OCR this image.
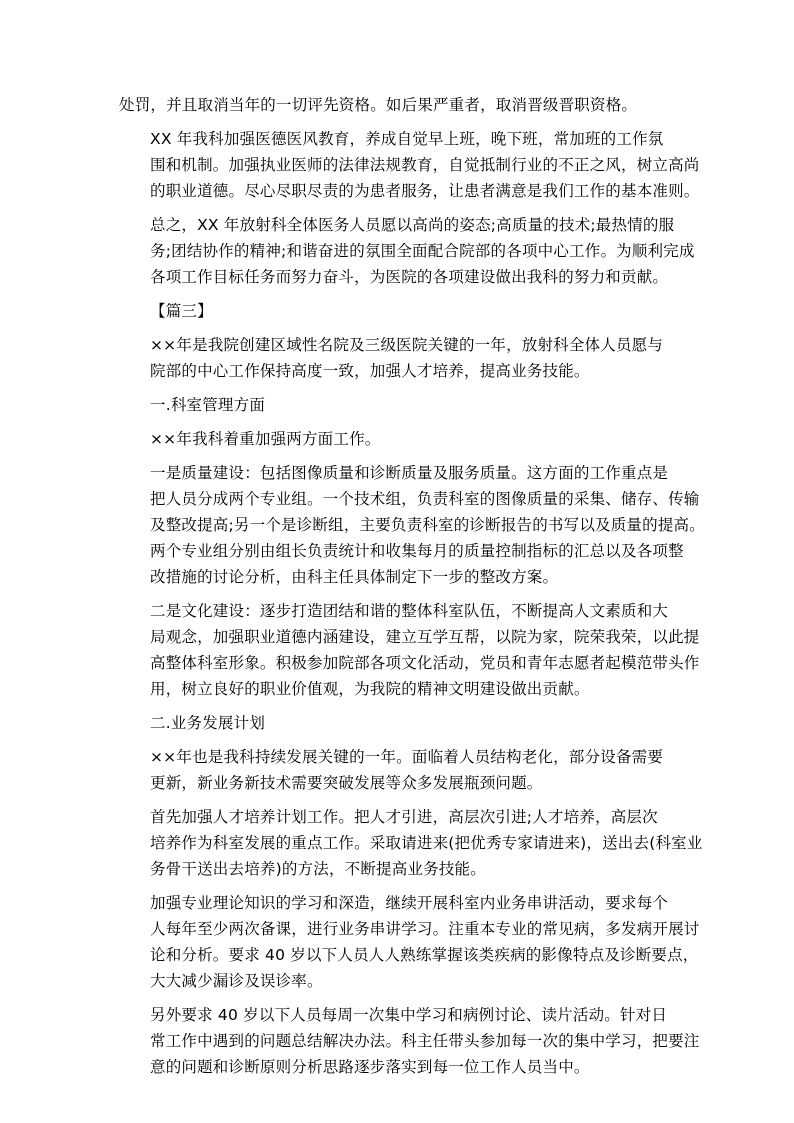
处罚，并且取消当年的一切评先资格。如后果严重者，取消晋级晋职资格。

XX 年我科加强医德医风教育，养成自觉早上班，晚下班，常加班的工作氛
围和机制。加强执业医师的法律法规教育，自觉抵制行业的不正之风，树立高尚
的职业道德。尽心尽职尽责的为患者服务，让患者满意是我们工作的基本准则。

总之，XX 年放射科全体医务人员愿以高尚的姿态;高质量的技术;最热情的服
务;团结协作的精神;和谐奋进的氛围全面配合院部的各项中心工作。为顺利完成
各项工作目标任务而努力奋斗，为医院的各项建设做出我科的努力和贡献。

【篇三】

××年是我院创建区域性名院及三级医院关键的一年，放射科全体人员愿与
院部的中心工作保持高度一致，加强人才培养，提高业务技能。

一.科室管理方面

××年我科着重加强两方面工作。

一是质量建设：包括图像质量和诊断质量及服务质量。这方面的工作重点是
把人员分成两个专业组。一个技术组，负责科室的图像质量的采集、储存、传输
及整改提高;另一个是诊断组，主要负责科室的诊断报告的书写以及质量的提高。
两个专业组分别由组长负责统计和收集每月的质量控制指标的汇总以及各项整
改措施的讨论分析，由科主任具体制定下一步的整改方案。

二是文化建设：逐步打造团结和谐的整体科室队伍，不断提高人文素质和大
局观念，加强职业道德内涵建设，建立互学互帮，以院为家，院荣我荣，以此提
高整体科室形象。积极参加院部各项文化活动，党员和青年志愿者起模范带头作
用，树立良好的职业价值观，为我院的精神文明建设做出贡献。

二.业务发展计划

××年也是我科持续发展关键的一年。面临着人员结构老化，部分设备需要
更新，新业务新技术需要突破发展等众多发展瓶颈问题。

首先加强人才培养计划工作。把人才引进，高层次引进;人才培养，高层次
培养作为科室发展的重点工作。采取请进来(把优秀专家请进来)，送出去(科室业
务骨干送出去培养)的方法，不断提高业务技能。

加强专业理论知识的学习和深造，继续开展科室内业务串讲活动，要求每个
人每年至少两次备课，进行业务串讲学习。注重本专业的常见病，多发病开展讨
论和分析。要求 40 岁以下人员人人熟练掌握该类疾病的影像特点及诊断要点，
大大减少漏诊及误诊率。

另外要求 40 岁以下人员每周一次集中学习和病例讨论、读片活动。针对日
常工作中遇到的问题总结解决办法。科主任带头参加每一次的集中学习，把要注
意的问题和诊断原则分析思路逐步落实到每一位工作人员当中。
